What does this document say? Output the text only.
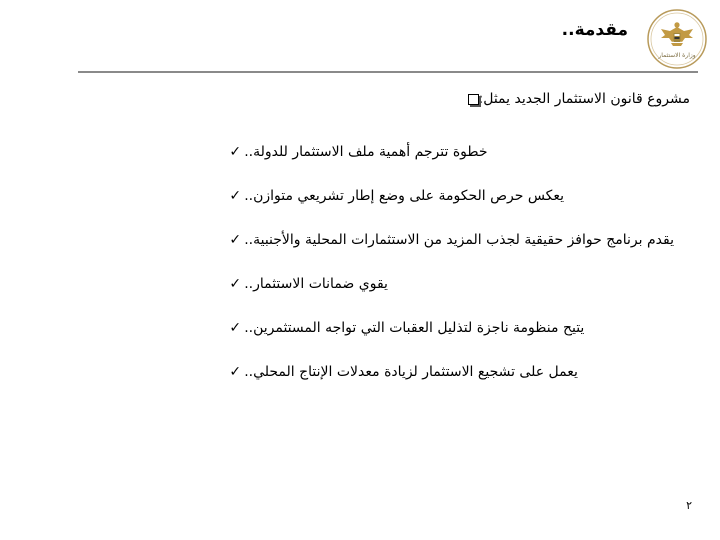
وزارة الاستثمار
مقدمة..
مشروع قانون الاستثمار الجديد يمثل:
✓ خطوة تترجم أهمية ملف الاستثمار للدولة..
✓ يعكس حرص الحكومة على وضع إطار تشريعي متوازن..
✓ يقدم برنامج حوافز حقيقية لجذب المزيد من الاستثمارات المحلية والأجنبية..
✓ يقوي ضمانات الاستثمار..
✓ يتيح منظومة ناجزة لتذليل العقبات التي تواجه المستثمرين..
✓ يعمل على تشجيع الاستثمار لزيادة معدلات الإنتاج المحلي..
٢
